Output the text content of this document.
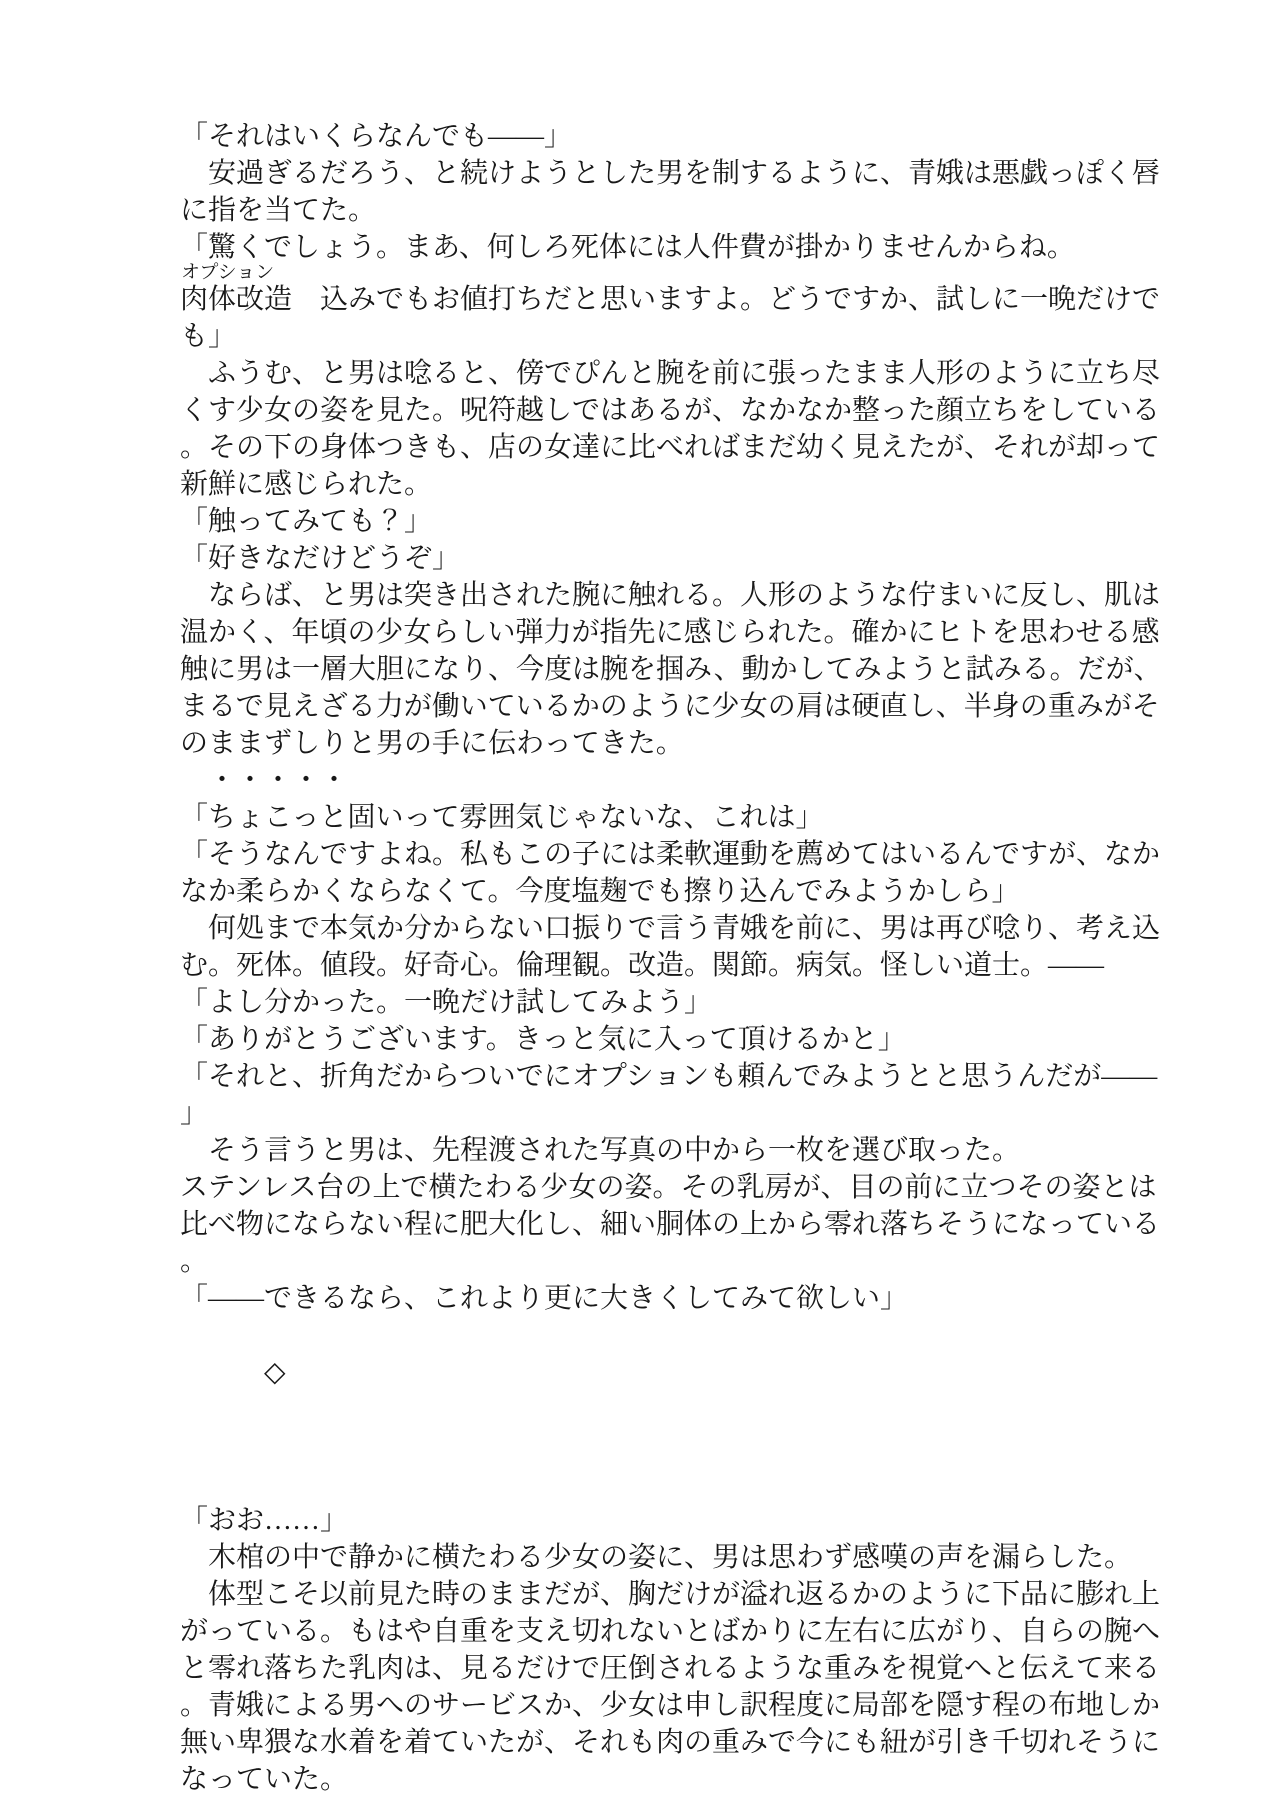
「それはいくらなんでも——」
　安過ぎるだろう、と続けようとした男を制するように、青娥は悪戯っぽく唇
に指を当てた。
「驚くでしょう。まあ、何しろ死体には人件費が掛かりませんからね。
肉体改造
オプション
　込みでもお値打ちだと思いますよ。どうですか、試しに一晩だけで
も」
　ふうむ、と男は唸ると、傍でぴんと腕を前に張ったまま人形のように立ち尽
くす少女の姿を見た。呪符越しではあるが、なかなか整った顔立ちをしている
。その下の身体つきも、店の女達に比べればまだ幼く見えたが、それが却って
新鮮に感じられた。
「触ってみても？」
「好きなだけどうぞ」
　ならば、と男は突き出された腕に触れる。人形のような佇まいに反し、肌は
温かく、年頃の少女らしい弾力が指先に感じられた。確かにヒトを思わせる感
触に男は一層大胆になり、今度は腕を掴み、動かしてみようと試みる。だが、
まるで見えざる力が働いているかのように少女の肩は硬直し、半身の重みがそ
のままずしりと男の手に伝わってきた。
　・・・・・
「ちょこっと固いって雰囲気じゃないな、これは」
「そうなんですよね。私もこの子には柔軟運動を薦めてはいるんですが、なか
なか柔らかくならなくて。今度塩麹でも擦り込んでみようかしら」
　何処まで本気か分からない口振りで言う青娥を前に、男は再び唸り、考え込
む。死体。値段。好奇心。倫理観。改造。関節。病気。怪しい道士。——
「よし分かった。一晩だけ試してみよう」
「ありがとうございます。きっと気に入って頂けるかと」
「それと、折角だからついでにオプションも頼んでみようとと思うんだが——
」
　そう言うと男は、先程渡された写真の中から一枚を選び取った。
ステンレス台の上で横たわる少女の姿。その乳房が、目の前に立つその姿とは
比べ物にならない程に肥大化し、細い胴体の上から零れ落ちそうになっている
。
「——できるなら、これより更に大きくしてみて欲しい」
　　　◇
「おお……」
　木棺の中で静かに横たわる少女の姿に、男は思わず感嘆の声を漏らした。
　体型こそ以前見た時のままだが、胸だけが溢れ返るかのように下品に膨れ上
がっている。もはや自重を支え切れないとばかりに左右に広がり、自らの腕へ
と零れ落ちた乳肉は、見るだけで圧倒されるような重みを視覚へと伝えて来る
。青娥による男へのサービスか、少女は申し訳程度に局部を隠す程の布地しか
無い卑猥な水着を着ていたが、それも肉の重みで今にも紐が引き千切れそうに
なっていた。
